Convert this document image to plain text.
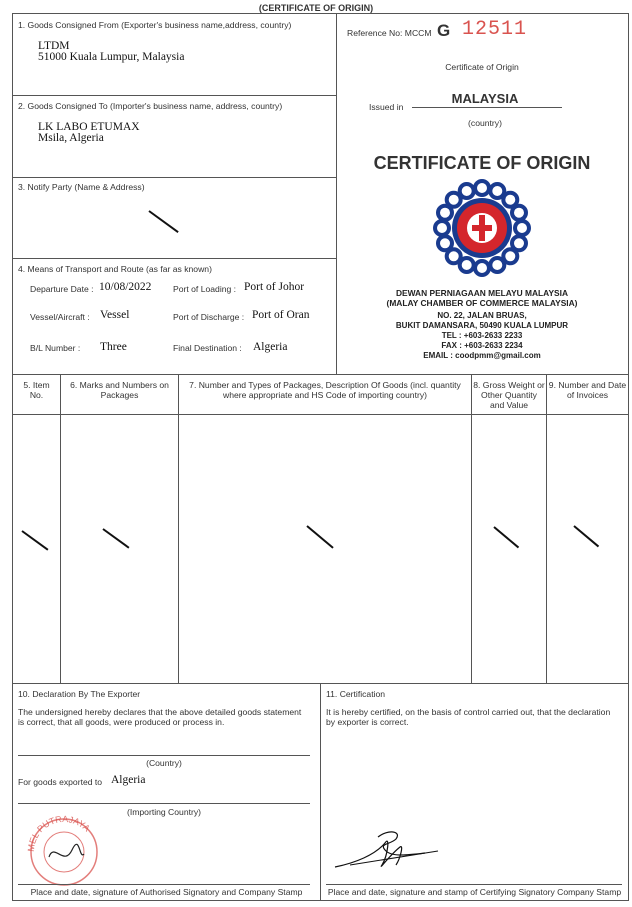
(CERTIFICATE OF ORIGIN)
1. Goods Consigned From (Exporter's business name,address, country)
LTDM
51000 Kuala Lumpur, Malaysia
2. Goods Consigned To (Importer's business name, address, country)
LK LABO ETUMAX
Msila, Algeria
3. Notify Party (Name & Address)
4. Means of Transport and Route (as far as known)
Departure Date : 10/08/2022
Vessel/Aircraft : Vessel
B/L Number : Three
Port of Loading : Port of Johor
Port of Discharge : Port of Oran
Final Destination : Algeria
Reference No: MCCM G 12511
Certificate of Origin
Issued in
MALAYSIA
(country)
CERTIFICATE OF ORIGIN
DEWAN PERNIAGAAN MELAYU MALAYSIA
(MALAY CHAMBER OF COMMERCE MALAYSIA)
NO. 22, JALAN BRUAS,
BUKIT DAMANSARA, 50490 KUALA LUMPUR
TEL : +603-2633 2233
FAX : +603-2633 2234
EMAIL : coodpmm@gmail.com
5. Item
No.
6. Marks and Numbers on
Packages
7. Number and Types of Packages, Description Of Goods (incl. quantity
where appropriate and HS Code of importing country)
8. Gross Weight or
Other Quantity
and Value
9. Number and Date
of Invoices
10. Declaration By The Exporter
The undersigned hereby declares that the above detailed goods statement
is correct, that all goods, were produced or process in.
(Country)
For goods exported to Algeria
(Importing Country)
MEL PUTRAJAYA
Place and date, signature of Authorised Signatory and Company Stamp
11. Certification
It is hereby certified, on the basis of control carried out, that the declaration
by exporter is correct.
Place and date, signature and stamp of Certifying Signatory Company Stamp
